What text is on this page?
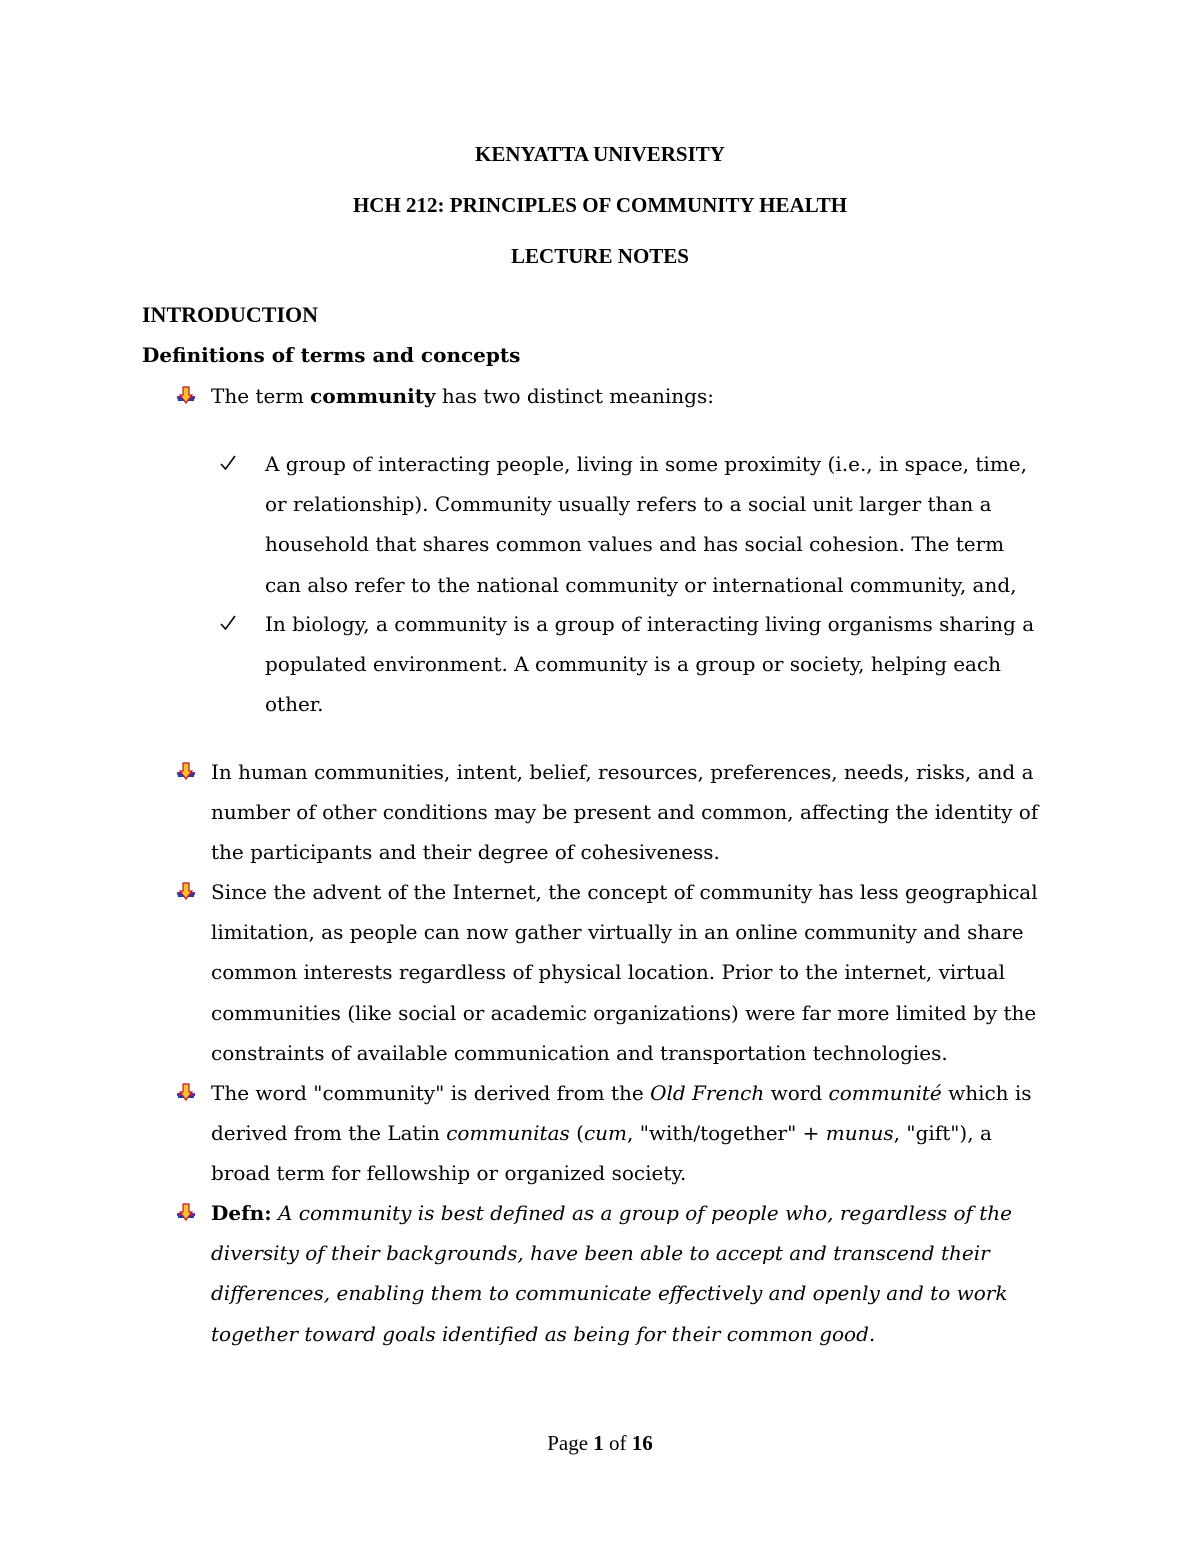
KENYATTA UNIVERSITY
HCH 212: PRINCIPLES OF COMMUNITY HEALTH
LECTURE NOTES
INTRODUCTION
Definitions of terms and concepts
The term community has two distinct meanings:
A group of interacting people, living in some proximity (i.e., in space, time,
or relationship). Community usually refers to a social unit larger than a
household that shares common values and has social cohesion. The term
can also refer to the national community or international community, and,
In biology, a community is a group of interacting living organisms sharing a
populated environment. A community is a group or society, helping each
other.
In human communities, intent, belief, resources, preferences, needs, risks, and a
number of other conditions may be present and common, affecting the identity of
the participants and their degree of cohesiveness.
Since the advent of the Internet, the concept of community has less geographical
limitation, as people can now gather virtually in an online community and share
common interests regardless of physical location. Prior to the internet, virtual
communities (like social or academic organizations) were far more limited by the
constraints of available communication and transportation technologies.
The word "community" is derived from the Old French word communité which is
derived from the Latin communitas (cum, "with/together" + munus, "gift"), a
broad term for fellowship or organized society.
Defn: A community is best defined as a group of people who, regardless of the
diversity of their backgrounds, have been able to accept and transcend their
differences, enabling them to communicate effectively and openly and to work
together toward goals identified as being for their common good.
Page 1 of 16
